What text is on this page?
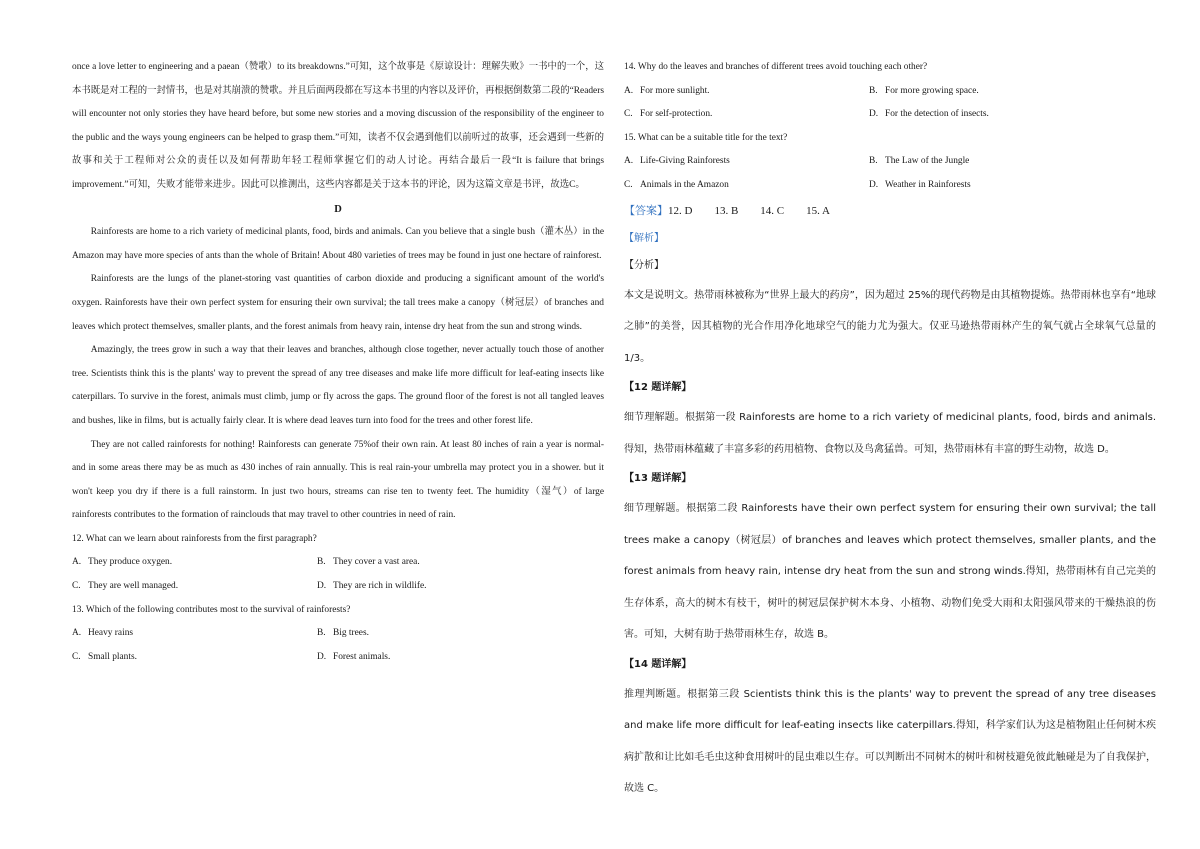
once a love letter to engineering and a paean（赞歌）to its breakdowns.”可知，这个故事是《原谅设计：理解失败》一书中的一个，这本书既是对工程的一封情书，也是对其崩溃的赞歌。并且后面两段都在写这本书里的内容以及评价，再根据倒数第二段的“Readers will encounter not only stories they have heard before, but some new stories and a moving discussion of the responsibility of the engineer to the public and the ways young engineers can be helped to grasp them.”可知，读者不仅会遇到他们以前听过的故事，还会遇到一些新的故事和关于工程师对公众的责任以及如何帮助年轻工程师掌握它们的动人讨论。再结合最后一段“It is failure that brings improvement.”可知，失败才能带来进步。因此可以推测出，这些内容都是关于这本书的评论，因为这篇文章是书评，故选C。

D

Rainforests are home to a rich variety of medicinal plants, food, birds and animals. Can you believe that a single bush（灌木丛）in the Amazon may have more species of ants than the whole of Britain! About 480 varieties of trees may be found in just one hectare of rainforest.

Rainforests are the lungs of the planet-storing vast quantities of carbon dioxide and producing a significant amount of the world's oxygen. Rainforests have their own perfect system for ensuring their own survival; the tall trees make a canopy（树冠层）of branches and leaves which protect themselves, smaller plants, and the forest animals from heavy rain, intense dry heat from the sun and strong winds.

Amazingly, the trees grow in such a way that their leaves and branches, although close together, never actually touch those of another tree. Scientists think this is the plants' way to prevent the spread of any tree diseases and make life more difficult for leaf-eating insects like caterpillars. To survive in the forest, animals must climb, jump or fly across the gaps. The ground floor of the forest is not all tangled leaves and bushes, like in films, but is actually fairly clear. It is where dead leaves turn into food for the trees and other forest life.

They are not called rainforests for nothing! Rainforests can generate 75%of their own rain. At least 80 inches of rain a year is normal-and in some areas there may be as much as 430 inches of rain annually. This is real rain-your umbrella may protect you in a shower. but it won't keep you dry if there is a full rainstorm. In just two hours, streams can rise ten to twenty feet. The humidity（湿气）of large rainforests contributes to the formation of rainclouds that may travel to other countries in need of rain.

12. What can we learn about rainforests from the first paragraph?

A. They produce oxygen.	B. They cover a vast area.
C. They are well managed.	D. They are rich in wildlife.

13. Which of the following contributes most to the survival of rainforests?

A. Heavy rains	B. Big trees.
C. Small plants.	D. Forest animals.

14. Why do the leaves and branches of different trees avoid touching each other?

A. For more sunlight.	B. For more growing space.
C. For self-protection.	D. For the detection of insects.

15. What can be a suitable title for the text?

A. Life-Giving Rainforests	B. The Law of the Jungle
C. Animals in the Amazon	D. Weather in Rainforests

【答案】12. D 13. B 14. C 15. A

【解析】

【分析】

本文是说明文。热带雨林被称为“世界上最大的药房”，因为超过 25%的现代药物是由其植物提炼。热带雨林也享有“地球之肺”的美誉，因其植物的光合作用净化地球空气的能力尤为强大。仅亚马逊热带雨林产生的氧气就占全球氧气总量的 1/3。

【12 题详解】

细节理解题。根据第一段 Rainforests are home to a rich variety of medicinal plants, food, birds and animals. 得知，热带雨林蕴藏了丰富多彩的药用植物、食物以及鸟禽猛兽。可知，热带雨林有丰富的野生动物，故选 D。

【13 题详解】

细节理解题。根据第二段 Rainforests have their own perfect system for ensuring their own survival; the tall trees make a canopy（树冠层）of branches and leaves which protect themselves, smaller plants, and the forest animals from heavy rain, intense dry heat from the sun and strong winds.得知，热带雨林有自己完美的生存体系，高大的树木有枝干，树叶的树冠层保护树木本身、小植物、动物们免受大雨和太阳强风带来的干燥热浪的伤害。可知，大树有助于热带雨林生存，故选 B。

【14 题详解】

推理判断题。根据第三段 Scientists think this is the plants' way to prevent the spread of any tree diseases and make life more difficult for leaf-eating insects like caterpillars.得知，科学家们认为这是植物阻止任何树木疾病扩散和让比如毛毛虫这种食用树叶的昆虫难以生存。可以判断出不同树木的树叶和树枝避免彼此触碰是为了自我保护，故选 C。
